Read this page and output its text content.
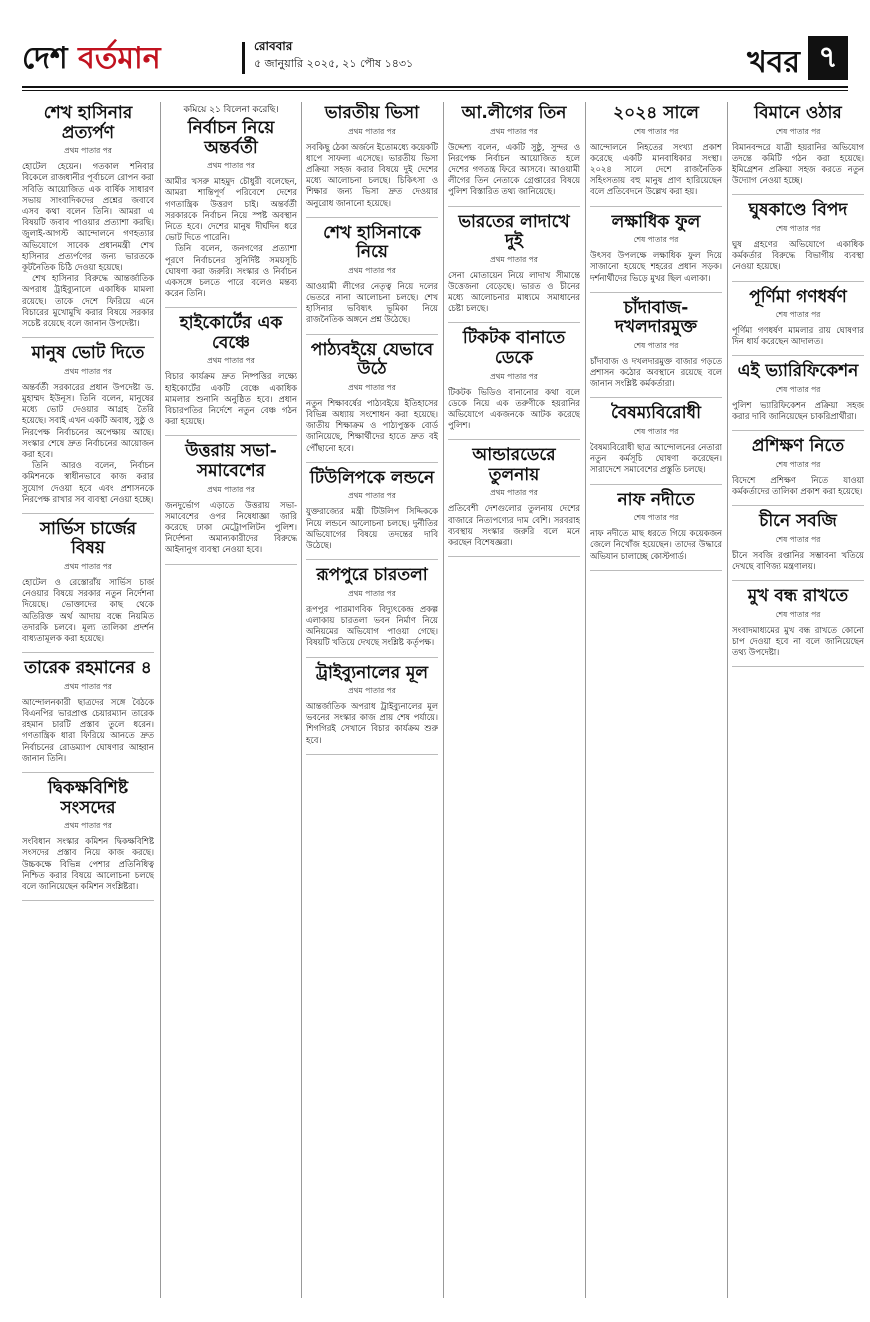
দেশ বর্তমান	রোববার
৫ জানুয়ারি ২০২৫, ২১ পৌষ ১৪৩১	খবর ৭
শেখ হাসিনার প্রত্যর্পণ
প্রথম পাতার পর

হোটেল হেয়েন। গতকাল শনিবার বিকেলে রাজধানীর পূর্বাচলে রোপন করা সবিতি আয়োজিত এক বার্ষিক সাধারণ সভায় সাংবাদিকদের প্রশ্নের জবাবে এসব কথা বলেন তিনি। আমরা এ বিষয়টি জবাব পাওয়ার প্রত্যাশা করছি। জুলাই-আগস্ট আন্দোলনে গণহত্যার অভিযোগে সাবেক প্রধানমন্ত্রী শেখ হাসিনার প্রত্যর্পণের জন্য ভারতকে কূটনৈতিক চিঠি দেওয়া হয়েছে।

শেখ হাসিনার বিরুদ্ধে আন্তর্জাতিক অপরাধ ট্রাইব্যুনালে একাধিক মামলা রয়েছে। তাকে দেশে ফিরিয়ে এনে বিচারের মুখোমুখি করার বিষয়ে সরকার সচেষ্ট রয়েছে বলে জানান উপদেষ্টা।

মানুষ ভোট দিতে
প্রথম পাতার পর

অন্তর্বর্তী সরকারের প্রধান উপদেষ্টা ড. মুহাম্মদ ইউনূস। তিনি বলেন, মানুষের মধ্যে ভোট দেওয়ার আগ্রহ তৈরি হয়েছে। সবাই এখন একটি অবাধ, সুষ্ঠু ও নিরপেক্ষ নির্বাচনের অপেক্ষায় আছে। সংস্কার শেষে দ্রুত নির্বাচনের আয়োজন করা হবে।

তিনি আরও বলেন, নির্বাচন কমিশনকে স্বাধীনভাবে কাজ করার সুযোগ দেওয়া হবে এবং প্রশাসনকে নিরপেক্ষ রাখার সব ব্যবস্থা নেওয়া হচ্ছে।

সার্ভিস চার্জের বিষয়
প্রথম পাতার পর

হোটেল ও রেস্তোরাঁয় সার্ভিস চার্জ নেওয়ার বিষয়ে সরকার নতুন নির্দেশনা দিয়েছে। ভোক্তাদের কাছ থেকে অতিরিক্ত অর্থ আদায় বন্ধে নিয়মিত তদারকি চলবে। মূল্য তালিকা প্রদর্শন বাধ্যতামূলক করা হয়েছে।

তারেক রহমানের ৪
প্রথম পাতার পর

আন্দোলনকারী ছাত্রদের সঙ্গে বৈঠকে বিএনপির ভারপ্রাপ্ত চেয়ারম্যান তারেক রহমান চারটি প্রস্তাব তুলে ধরেন। গণতান্ত্রিক ধারা ফিরিয়ে আনতে দ্রুত নির্বাচনের রোডম্যাপ ঘোষণার আহ্বান জানান তিনি।

দ্বিকক্ষবিশিষ্ট সংসদের
প্রথম পাতার পর

সংবিধান সংস্কার কমিশন দ্বিকক্ষবিশিষ্ট সংসদের প্রস্তাব নিয়ে কাজ করছে। উচ্চকক্ষে বিভিন্ন পেশার প্রতিনিধিত্ব নিশ্চিত করার বিষয়ে আলোচনা চলছে বলে জানিয়েছেন কমিশন সংশ্লিষ্টরা।

কমিয়ে ২১ বিলেনা করেছি।
নির্বাচন নিয়ে অন্তর্বর্তী
প্রথম পাতার পর

আমীর খসরু মাহমুদ চৌধুরী বলেছেন, আমরা শান্তিপূর্ণ পরিবেশে দেশের গণতান্ত্রিক উত্তরণ চাই। অন্তর্বর্তী সরকারকে নির্বাচন নিয়ে স্পষ্ট অবস্থান নিতে হবে। দেশের মানুষ দীর্ঘদিন ধরে ভোট দিতে পারেনি।

তিনি বলেন, জনগণের প্রত্যাশা পূরণে নির্বাচনের সুনির্দিষ্ট সময়সূচি ঘোষণা করা জরুরি। সংস্কার ও নির্বাচন একসঙ্গে চলতে পারে বলেও মন্তব্য করেন তিনি।

হাইকোর্টের এক বেঞ্চে
প্রথম পাতার পর

বিচার কার্যক্রম দ্রুত নিষ্পত্তির লক্ষ্যে হাইকোর্টের একটি বেঞ্চে একাধিক মামলার শুনানি অনুষ্ঠিত হবে। প্রধান বিচারপতির নির্দেশে নতুন বেঞ্চ গঠন করা হয়েছে।

উত্তরায় সভা-সমাবেশের
প্রথম পাতার পর

জনদুর্ভোগ এড়াতে উত্তরায় সভা-সমাবেশের ওপর নিষেধাজ্ঞা জারি করেছে ঢাকা মেট্রোপলিটন পুলিশ। নির্দেশনা অমান্যকারীদের বিরুদ্ধে আইনানুগ ব্যবস্থা নেওয়া হবে।

ভারতীয় ভিসা
প্রথম পাতার পর

সবকিছু ঠেকা অর্জনে ইতোমধ্যে কয়েকটি ধাপে সাফল্য এসেছে। ভারতীয় ভিসা প্রক্রিয়া সহজ করার বিষয়ে দুই দেশের মধ্যে আলোচনা চলছে। চিকিৎসা ও শিক্ষার জন্য ভিসা দ্রুত দেওয়ার অনুরোধ জানানো হয়েছে।

শেখ হাসিনাকে নিয়ে
প্রথম পাতার পর

আওয়ামী লীগের নেতৃত্ব নিয়ে দলের ভেতরে নানা আলোচনা চলছে। শেখ হাসিনার ভবিষ্যৎ ভূমিকা নিয়ে রাজনৈতিক অঙ্গনে প্রশ্ন উঠেছে।

পাঠ্যবইয়ে যেভাবে উঠে
প্রথম পাতার পর

নতুন শিক্ষাবর্ষের পাঠ্যবইয়ে ইতিহাসের বিভিন্ন অধ্যায় সংশোধন করা হয়েছে। জাতীয় শিক্ষাক্রম ও পাঠ্যপুস্তক বোর্ড জানিয়েছে, শিক্ষার্থীদের হাতে দ্রুত বই পৌঁছানো হবে।

টিউলিপকে লন্ডনে
প্রথম পাতার পর

যুক্তরাজ্যের মন্ত্রী টিউলিপ সিদ্দিককে নিয়ে লন্ডনে আলোচনা চলছে। দুর্নীতির অভিযোগের বিষয়ে তদন্তের দাবি উঠেছে।

রূপপুরে চারতলা
প্রথম পাতার পর

রূপপুর পারমাণবিক বিদ্যুৎকেন্দ্র প্রকল্প এলাকায় চারতলা ভবন নির্মাণ নিয়ে অনিয়মের অভিযোগ পাওয়া গেছে। বিষয়টি খতিয়ে দেখছে সংশ্লিষ্ট কর্তৃপক্ষ।

ট্রাইব্যুনালের মূল
প্রথম পাতার পর

আন্তর্জাতিক অপরাধ ট্রাইব্যুনালের মূল ভবনের সংস্কার কাজ প্রায় শেষ পর্যায়ে। শিগগিরই সেখানে বিচার কার্যক্রম শুরু হবে।

আ.লীগের তিন
প্রথম পাতার পর

উদ্দেশ্য বলেন, একটি সুষ্ঠু, সুন্দর ও নিরপেক্ষ নির্বাচন আয়োজিত হলে দেশের গণতন্ত্র ফিরে আসবে। আওয়ামী লীগের তিন নেতাকে গ্রেপ্তারের বিষয়ে পুলিশ বিস্তারিত তথ্য জানিয়েছে।

ভারতের লাদাখে দুই
প্রথম পাতার পর

সেনা মোতায়েন নিয়ে লাদাখ সীমান্তে উত্তেজনা বেড়েছে। ভারত ও চীনের মধ্যে আলোচনার মাধ্যমে সমাধানের চেষ্টা চলছে।

টিকটক বানাতে ডেকে
প্রথম পাতার পর

টিকটক ভিডিও বানানোর কথা বলে ডেকে নিয়ে এক তরুণীকে হয়রানির অভিযোগে একজনকে আটক করেছে পুলিশ।

আন্ডারডেরে তুলনায়
প্রথম পাতার পর

প্রতিবেশী দেশগুলোর তুলনায় দেশের বাজারে নিত্যপণ্যের দাম বেশি। সরবরাহ ব্যবস্থায় সংস্কার জরুরি বলে মনে করছেন বিশেষজ্ঞরা।

২০২৪ সালে
শেষ পাতার পর

আন্দোলনে নিহতের সংখ্যা প্রকাশ করেছে একটি মানবাধিকার সংস্থা। ২০২৪ সালে দেশে রাজনৈতিক সহিংসতায় বহু মানুষ প্রাণ হারিয়েছেন বলে প্রতিবেদনে উল্লেখ করা হয়।

লক্ষাধিক ফুল
শেষ পাতার পর

উৎসব উপলক্ষে লক্ষাধিক ফুল দিয়ে সাজানো হয়েছে শহরের প্রধান সড়ক। দর্শনার্থীদের ভিড়ে মুখর ছিল এলাকা।

চাঁদাবাজ-দখলদারমুক্ত
শেষ পাতার পর

চাঁদাবাজ ও দখলদারমুক্ত বাজার গড়তে প্রশাসন কঠোর অবস্থানে রয়েছে বলে জানান সংশ্লিষ্ট কর্মকর্তারা।

বৈষম্যবিরোধী
শেষ পাতার পর

বৈষম্যবিরোধী ছাত্র আন্দোলনের নেতারা নতুন কর্মসূচি ঘোষণা করেছেন। সারাদেশে সমাবেশের প্রস্তুতি চলছে।

নাফ নদীতে
শেষ পাতার পর

নাফ নদীতে মাছ ধরতে গিয়ে কয়েকজন জেলে নিখোঁজ হয়েছেন। তাদের উদ্ধারে অভিযান চালাচ্ছে কোস্টগার্ড।

বিমানে ওঠার
শেষ পাতার পর

বিমানবন্দরে যাত্রী হয়রানির অভিযোগ তদন্তে কমিটি গঠন করা হয়েছে। ইমিগ্রেশন প্রক্রিয়া সহজ করতে নতুন উদ্যোগ নেওয়া হচ্ছে।

ঘুষকাণ্ডে বিপদ
শেষ পাতার পর

ঘুষ গ্রহণের অভিযোগে একাধিক কর্মকর্তার বিরুদ্ধে বিভাগীয় ব্যবস্থা নেওয়া হয়েছে।

পূর্ণিমা গণধর্ষণ
শেষ পাতার পর

পূর্ণিমা গণধর্ষণ মামলার রায় ঘোষণার দিন ধার্য করেছেন আদালত।

এই ভ্যারিফিকেশন
শেষ পাতার পর

পুলিশ ভ্যারিফিকেশন প্রক্রিয়া সহজ করার দাবি জানিয়েছেন চাকরিপ্রার্থীরা।

প্রশিক্ষণ নিতে
শেষ পাতার পর

বিদেশে প্রশিক্ষণ নিতে যাওয়া কর্মকর্তাদের তালিকা প্রকাশ করা হয়েছে।

চীনে সবজি
শেষ পাতার পর

চীনে সবজি রপ্তানির সম্ভাবনা খতিয়ে দেখছে বাণিজ্য মন্ত্রণালয়।

মুখ বন্ধ রাখতে
শেষ পাতার পর

সংবাদমাধ্যমের মুখ বন্ধ রাখতে কোনো চাপ দেওয়া হবে না বলে জানিয়েছেন তথ্য উপদেষ্টা।
